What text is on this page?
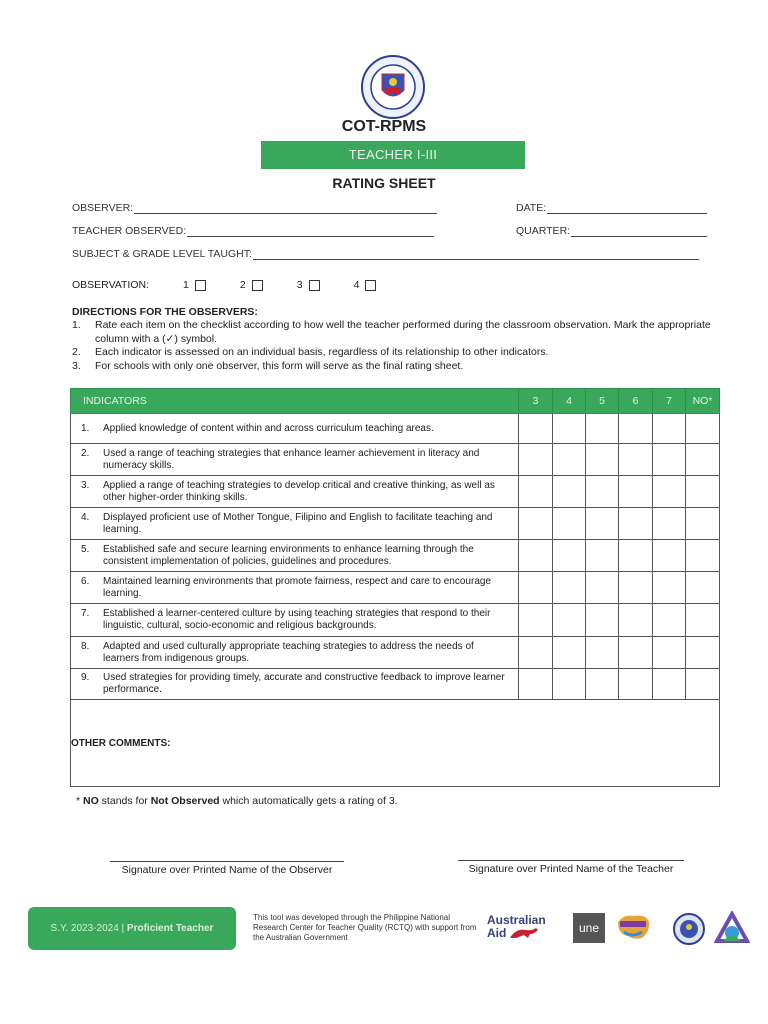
COT-RPMS
TEACHER I-III
RATING SHEET
OBSERVER:	DATE:
TEACHER OBSERVED:	QUARTER:
SUBJECT & GRADE LEVEL TAUGHT:
OBSERVATION:	1	2	3	4
DIRECTIONS FOR THE OBSERVERS:
1.	Rate each item on the checklist according to how well the teacher performed during the classroom observation. Mark the appropriate column with a (✓) symbol.
2.	Each indicator is assessed on an individual basis, regardless of its relationship to other indicators.
3.	For schools with only one observer, this form will serve as the final rating sheet.
INDICATORS	3	4	5	6	7	NO*

1. Applied knowledge of content within and across curriculum teaching areas.						

2. Used a range of teaching strategies that enhance learner achievement in literacy and numeracy skills.						

3. Applied a range of teaching strategies to develop critical and creative thinking, as well as other higher-order thinking skills.						

4. Displayed proficient use of Mother Tongue, Filipino and English to facilitate teaching and learning.						

5. Established safe and secure learning environments to enhance learning through the consistent implementation of policies, guidelines and procedures.						

6. Maintained learning environments that promote fairness, respect and care to encourage learning.						

7. Established a learner-centered culture by using teaching strategies that respond to their linguistic, cultural, socio-economic and religious backgrounds.						

8. Adapted and used culturally appropriate teaching strategies to address the needs of learners from indigenous groups.						

9. Used strategies for providing timely, accurate and constructive feedback to improve learner performance.						

OTHER COMMENTS:						
* NO stands for Not Observed which automatically gets a rating of 3.
Signature over Printed Name of the Observer	Signature over Printed Name of the Teacher
S.Y. 2023-2024 |
Proficient Teacher
This tool was developed through the Philippine National Research Center for Teacher Quality (RCTQ) with support from the Australian Government
Australian
Aid	une
